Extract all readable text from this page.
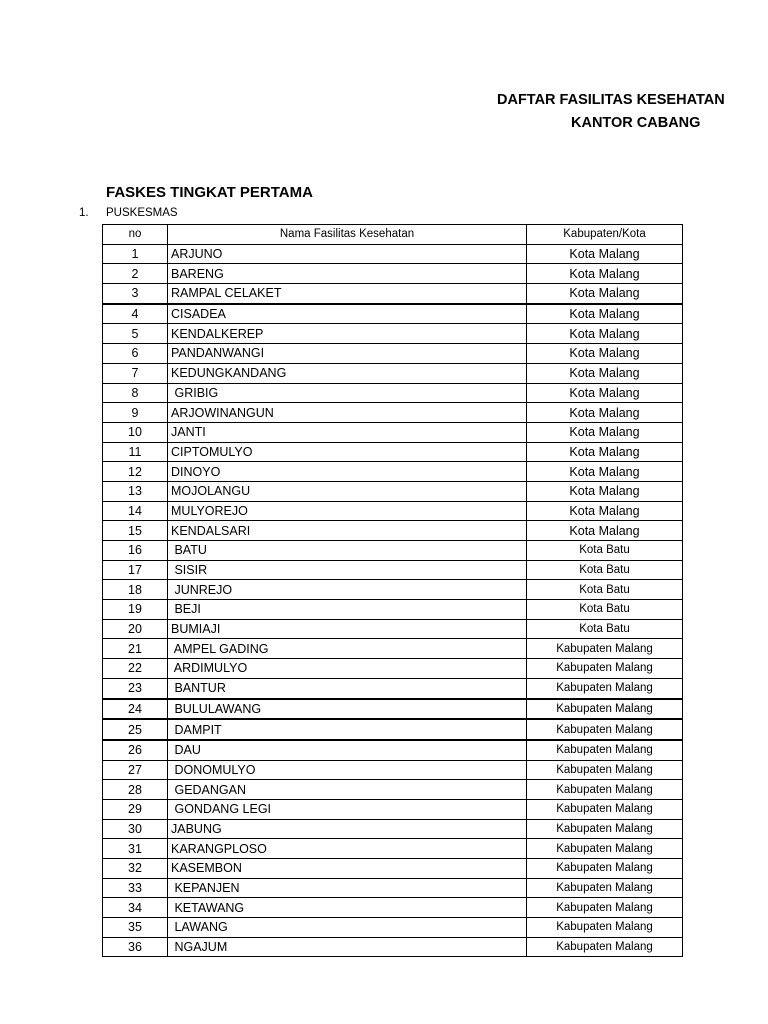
DAFTAR FASILITAS KESEHATAN
KANTOR CABANG
FASKES TINGKAT PERTAMA
1. PUSKESMAS
no	Nama Fasilitas Kesehatan	Kabupaten/Kota
1	ARJUNO	Kota Malang
2	BARENG	Kota Malang
3	RAMPAL CELAKET	Kota Malang
4	CISADEA	Kota Malang
5	KENDALKEREP	Kota Malang
6	PANDANWANGI	Kota Malang
7	KEDUNGKANDANG	Kota Malang
8	GRIBIG	Kota Malang
9	ARJOWINANGUN	Kota Malang
10	JANTI	Kota Malang
11	CIPTOMULYO	Kota Malang
12	DINOYO	Kota Malang
13	MOJOLANGU	Kota Malang
14	MULYOREJO	Kota Malang
15	KENDALSARI	Kota Malang
16	BATU	Kota Batu
17	SISIR	Kota Batu
18	JUNREJO	Kota Batu
19	BEJI	Kota Batu
20	BUMIAJI	Kota Batu
21	AMPEL GADING	Kabupaten Malang
22	ARDIMULYO	Kabupaten Malang
23	BANTUR	Kabupaten Malang
24	BULULAWANG	Kabupaten Malang
25	DAMPIT	Kabupaten Malang
26	DAU	Kabupaten Malang
27	DONOMULYO	Kabupaten Malang
28	GEDANGAN	Kabupaten Malang
29	GONDANG LEGI	Kabupaten Malang
30	JABUNG	Kabupaten Malang
31	KARANGPLOSO	Kabupaten Malang
32	KASEMBON	Kabupaten Malang
33	KEPANJEN	Kabupaten Malang
34	KETAWANG	Kabupaten Malang
35	LAWANG	Kabupaten Malang
36	NGAJUM	Kabupaten Malang
